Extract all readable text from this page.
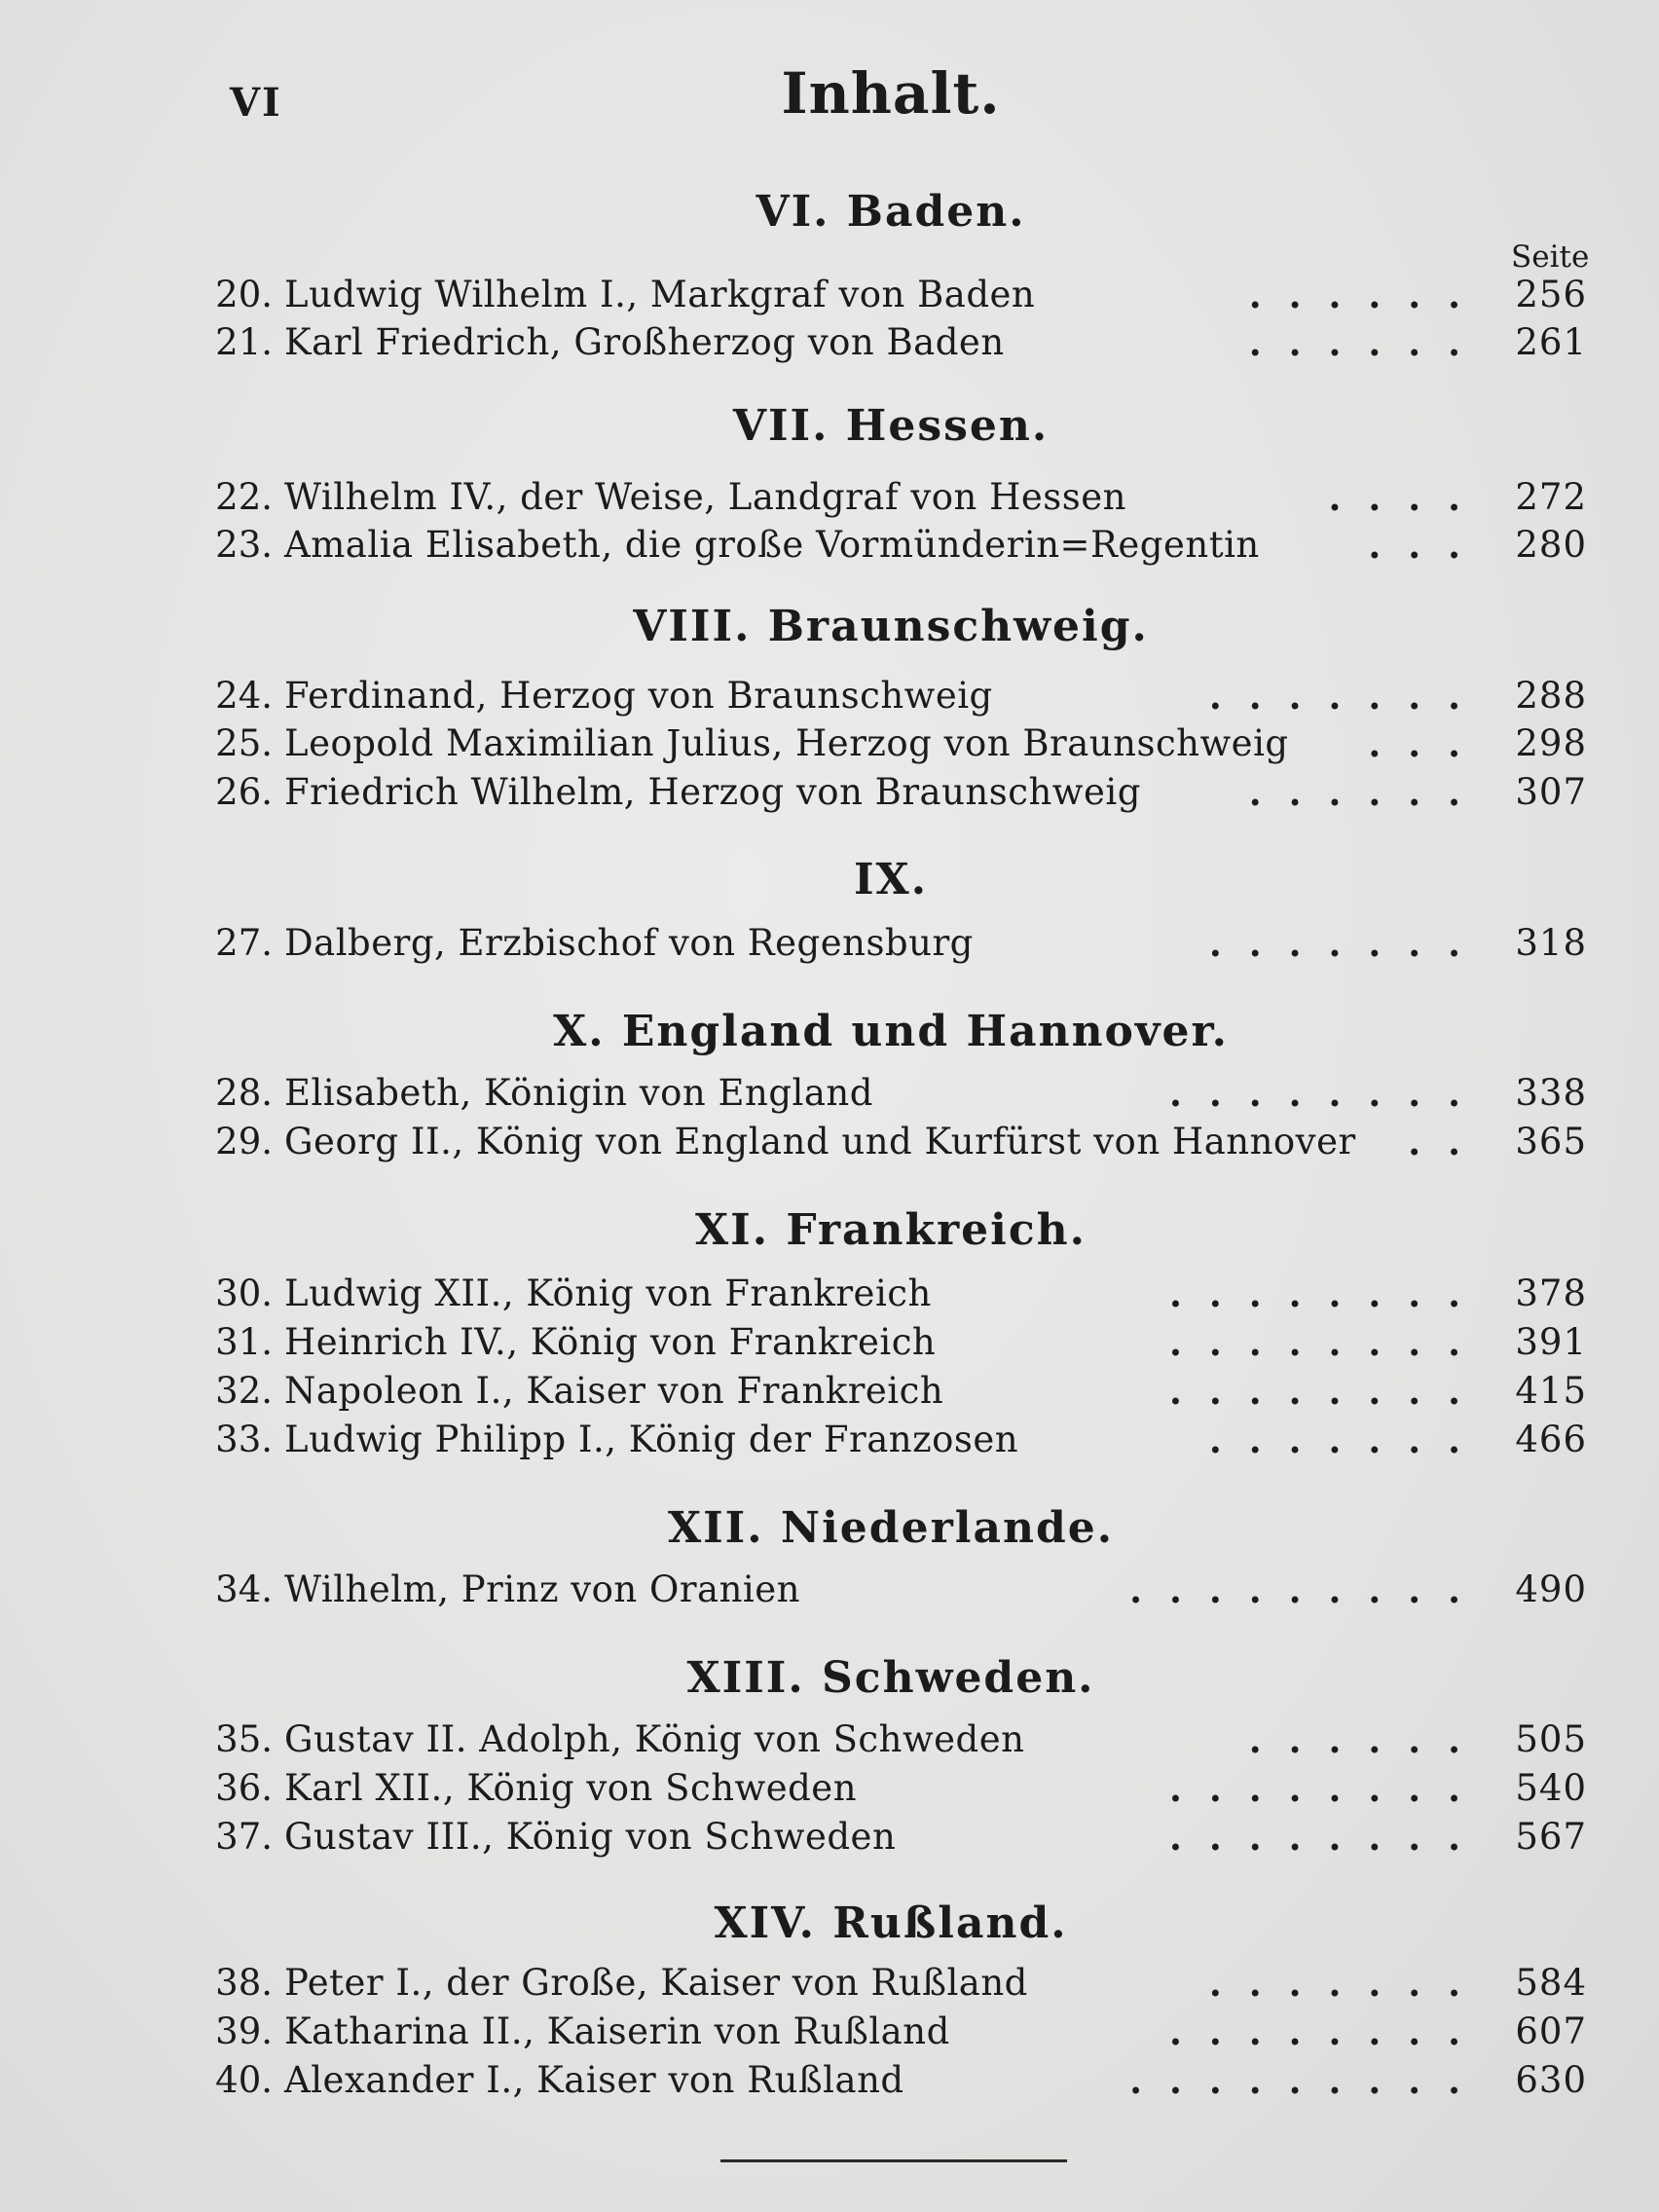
VI	Inhalt.
Seite
VI. Baden.
20. Ludwig Wilhelm I., Markgraf von Baden	...... 256
21. Karl Friedrich, Großherzog von Baden	...... 261
VII. Hessen.
22. Wilhelm IV., der Weise, Landgraf von Hessen	.... 272
23. Amalia Elisabeth, die große Vormünderin=Regentin	... 280
VIII. Braunschweig.
24. Ferdinand, Herzog von Braunschweig	....... 288
25. Leopold Maximilian Julius, Herzog von Braunschweig ... 298
26. Friedrich Wilhelm, Herzog von Braunschweig	...... 307
IX.
27. Dalberg, Erzbischof von Regensburg	....... 318
X. England und Hannover.
28. Elisabeth, Königin von England	........ 338
29. Georg II., König von England und Kurfürst von Hannover .. 365
XI. Frankreich.
30. Ludwig XII., König von Frankreich	........ 378
31. Heinrich IV., König von Frankreich	........ 391
32. Napoleon I., Kaiser von Frankreich	........ 415
33. Ludwig Philipp I., König der Franzosen	....... 466
XII. Niederlande.
34. Wilhelm, Prinz von Oranien	......... 490
XIII. Schweden.
35. Gustav II. Adolph, König von Schweden	...... 505
36. Karl XII., König von Schweden	........ 540
37. Gustav III., König von Schweden	........ 567
XIV. Rußland.
38. Peter I., der Große, Kaiser von Rußland	....... 584
39. Katharina II., Kaiserin von Rußland	........ 607
40. Alexander I., Kaiser von Rußland	......... 630
